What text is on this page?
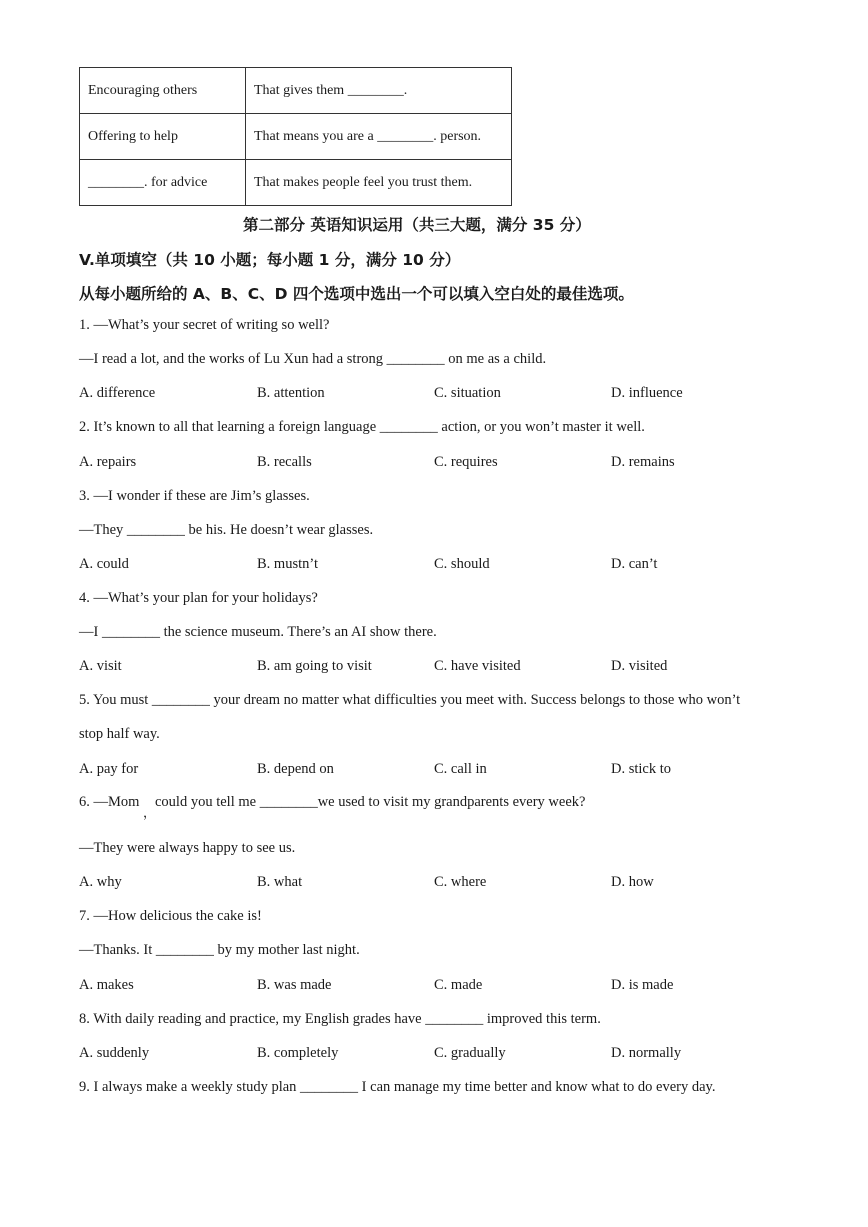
Encouraging others	That gives them ________.
Offering to help	That means you are a ________. person.
________. for advice	That makes people feel you trust them.
第二部分 英语知识运用（共三大题，满分 35 分）
V.单项填空（共 10 小题；每小题 1 分，满分 10 分）
从每小题所给的 A、B、C、D 四个选项中选出一个可以填入空白处的最佳选项。
1. —What’s your secret of writing so well?
—I read a lot, and the works of Lu Xun had a strong ________ on me as a child.
A. difference	B. attention	C. situation	D. influence
2. It’s known to all that learning a foreign language ________ action, or you won’t master it well.
A. repairs	B. recalls	C. requires	D. remains
3. —I wonder if these are Jim’s glasses.
—They ________ be his. He doesn’t wear glasses.
A. could	B. mustn’t	C. should	D. can’t
4. —What’s your plan for your holidays?
—I ________ the science museum. There’s an AI show there.
A. visit	B. am going to visit	C. have visited	D. visited
5. You must ________ your dream no matter what difficulties you meet with. Success belongs to those who won’t
stop half way.
A. pay for	B. depend on	C. call in	D. stick to
6. —Mom
，
could you tell me ________we used to visit my grandparents every week?
—They were always happy to see us.
A. why	B. what	C. where	D. how
7. —How delicious the cake is!
—Thanks. It ________ by my mother last night.
A. makes	B. was made	C. made	D. is made
8. With daily reading and practice, my English grades have ________ improved this term.
A. suddenly	B. completely	C. gradually	D. normally
9. I always make a weekly study plan ________ I can manage my time better and know what to do every day.
